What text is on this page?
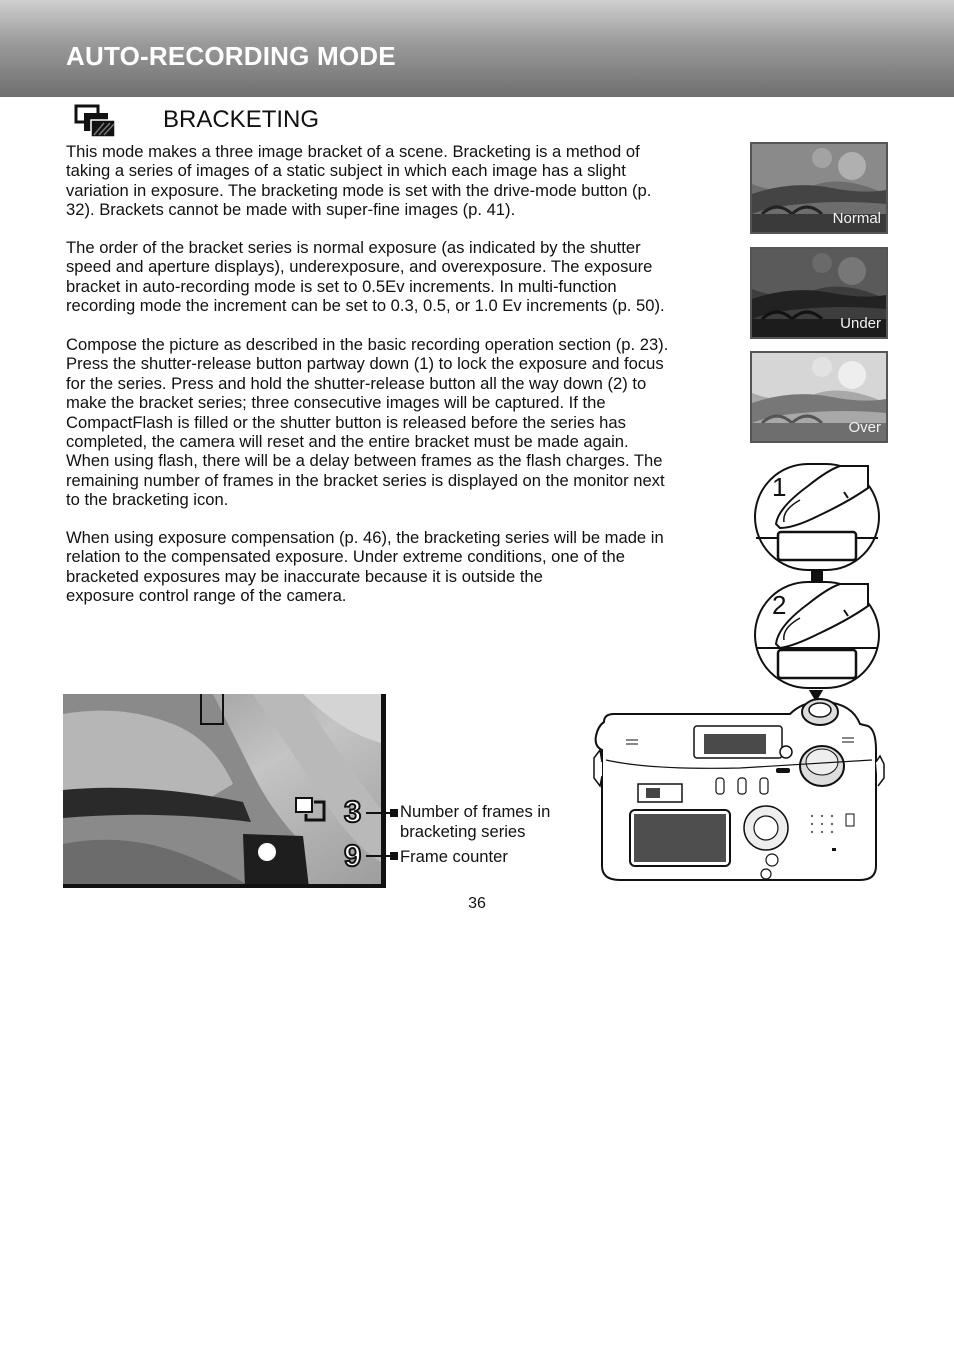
AUTO-RECORDING MODE
BRACKETING

This mode makes a three image bracket of a scene. Bracketing is a method of
taking a series of images of a static subject in which each image has a slight
variation in exposure. The bracketing mode is set with the drive-mode button (p.
32). Brackets cannot be made with super-fine images (p. 41).

The order of the bracket series is normal exposure (as indicated by the shutter
speed and aperture displays), underexposure, and overexposure. The exposure
bracket in auto-recording mode is set to 0.5Ev increments. In multi-function
recording mode the increment can be set to 0.3, 0.5, or 1.0 Ev increments (p. 50).

Compose the picture as described in the basic recording operation section (p. 23).
Press the shutter-release button partway down (1) to lock the exposure and focus
for the series. Press and hold the shutter-release button all the way down (2) to
make the bracket series; three consecutive images will be captured. If the
CompactFlash is filled or the shutter button is released before the series has
completed, the camera will reset and the entire bracket must be made again.
When using flash, there will be a delay between frames as the flash charges. The
remaining number of frames in the bracket series is displayed on the monitor next
to the bracketing icon.

When using exposure compensation (p. 46), the bracketing series will be made in
relation to the compensated exposure. Under extreme conditions, one of the
bracketed exposures may be inaccurate because it is outside the
exposure control range of the camera.

Normal
Under
Over
1
2
3
9
Number of frames in
bracketing series
Frame counter
36
